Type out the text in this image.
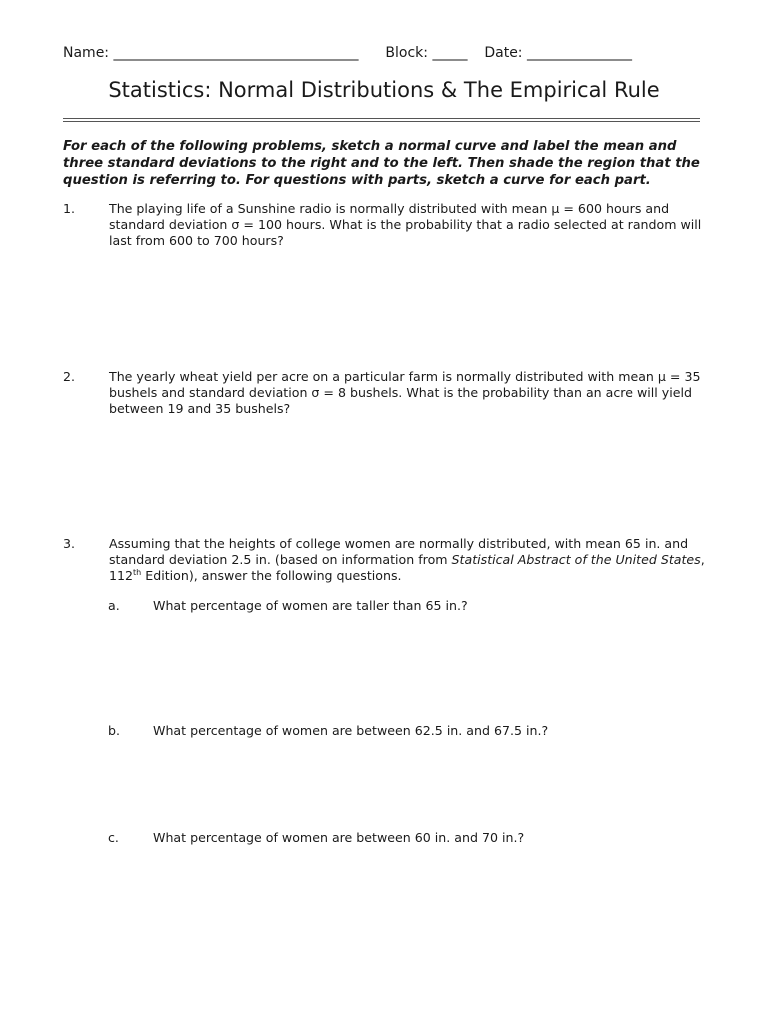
Name: ___________________________________ Block: _____ Date: _______________
Statistics: Normal Distributions & The Empirical Rule
For each of the following problems, sketch a normal curve and label the mean and three standard deviations to the right and to the left. Then shade the region that the question is referring to. For questions with parts, sketch a curve for each part.
1.	The playing life of a Sunshine radio is normally distributed with mean μ = 600 hours and standard deviation σ = 100 hours. What is the probability that a radio selected at random will last from 600 to 700 hours?
2.	The yearly wheat yield per acre on a particular farm is normally distributed with mean μ = 35 bushels and standard deviation σ = 8 bushels. What is the probability than an acre will yield between 19 and 35 bushels?
3.	Assuming that the heights of college women are normally distributed, with mean 65 in. and standard deviation 2.5 in. (based on information from Statistical Abstract of the United States, 112th Edition), answer the following questions.
a.	What percentage of women are taller than 65 in.?
b.	What percentage of women are between 62.5 in. and 67.5 in.?
c.	What percentage of women are between 60 in. and 70 in.?
